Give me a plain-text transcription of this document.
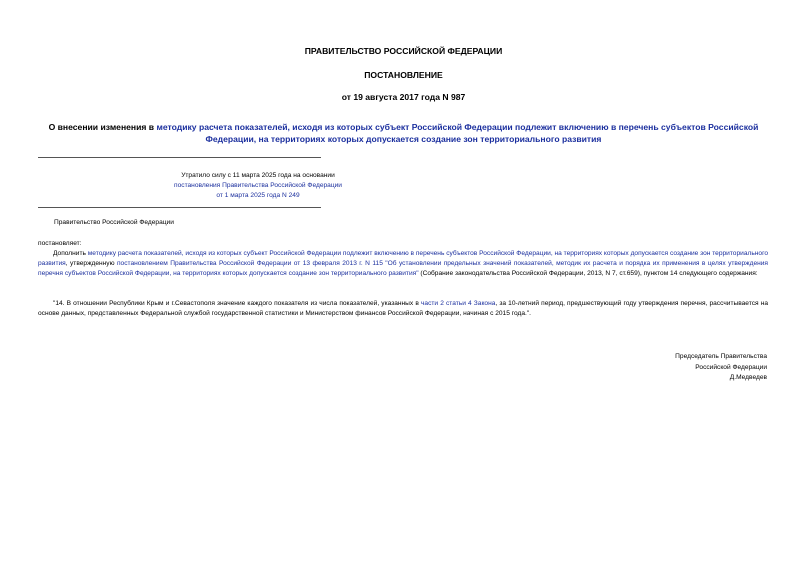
ПРАВИТЕЛЬСТВО РОССИЙСКОЙ ФЕДЕРАЦИИ
ПОСТАНОВЛЕНИЕ
от 19 августа 2017 года N 987
О внесении изменения в методику расчета показателей, исходя из которых субъект Российской Федерации подлежит включению в перечень субъектов Российской Федерации, на территориях которых допускается создание зон территориального развития
Утратило силу с 11 марта 2025 года на основании
постановления Правительства Российской Федерации
от 1 марта 2025 года N 249
Правительство Российской Федерации
постановляет:
Дополнить методику расчета показателей, исходя из которых субъект Российской Федерации подлежит включению в перечень субъектов Российской Федерации, на территориях которых допускается создание зон территориального развития, утвержденную постановлением Правительства Российской Федерации от 13 февраля 2013 г. N 115 "Об установлении предельных значений показателей, методик их расчета и порядка их применения в целях утверждения перечня субъектов Российской Федерации, на территориях которых допускается создание зон территориального развития" (Собрание законодательства Российской Федерации, 2013, N 7, ст.659), пунктом 14 следующего содержания:
"14. В отношении Республики Крым и г.Севастополя значение каждого показателя из числа показателей, указанных в части 2 статьи 4 Закона, за 10-летний период, предшествующий году утверждения перечня, рассчитывается на основе данных, представленных Федеральной службой государственной статистики и Министерством финансов Российской Федерации, начиная с 2015 года.".
Председатель Правительства
Российской Федерации
Д.Медведев
